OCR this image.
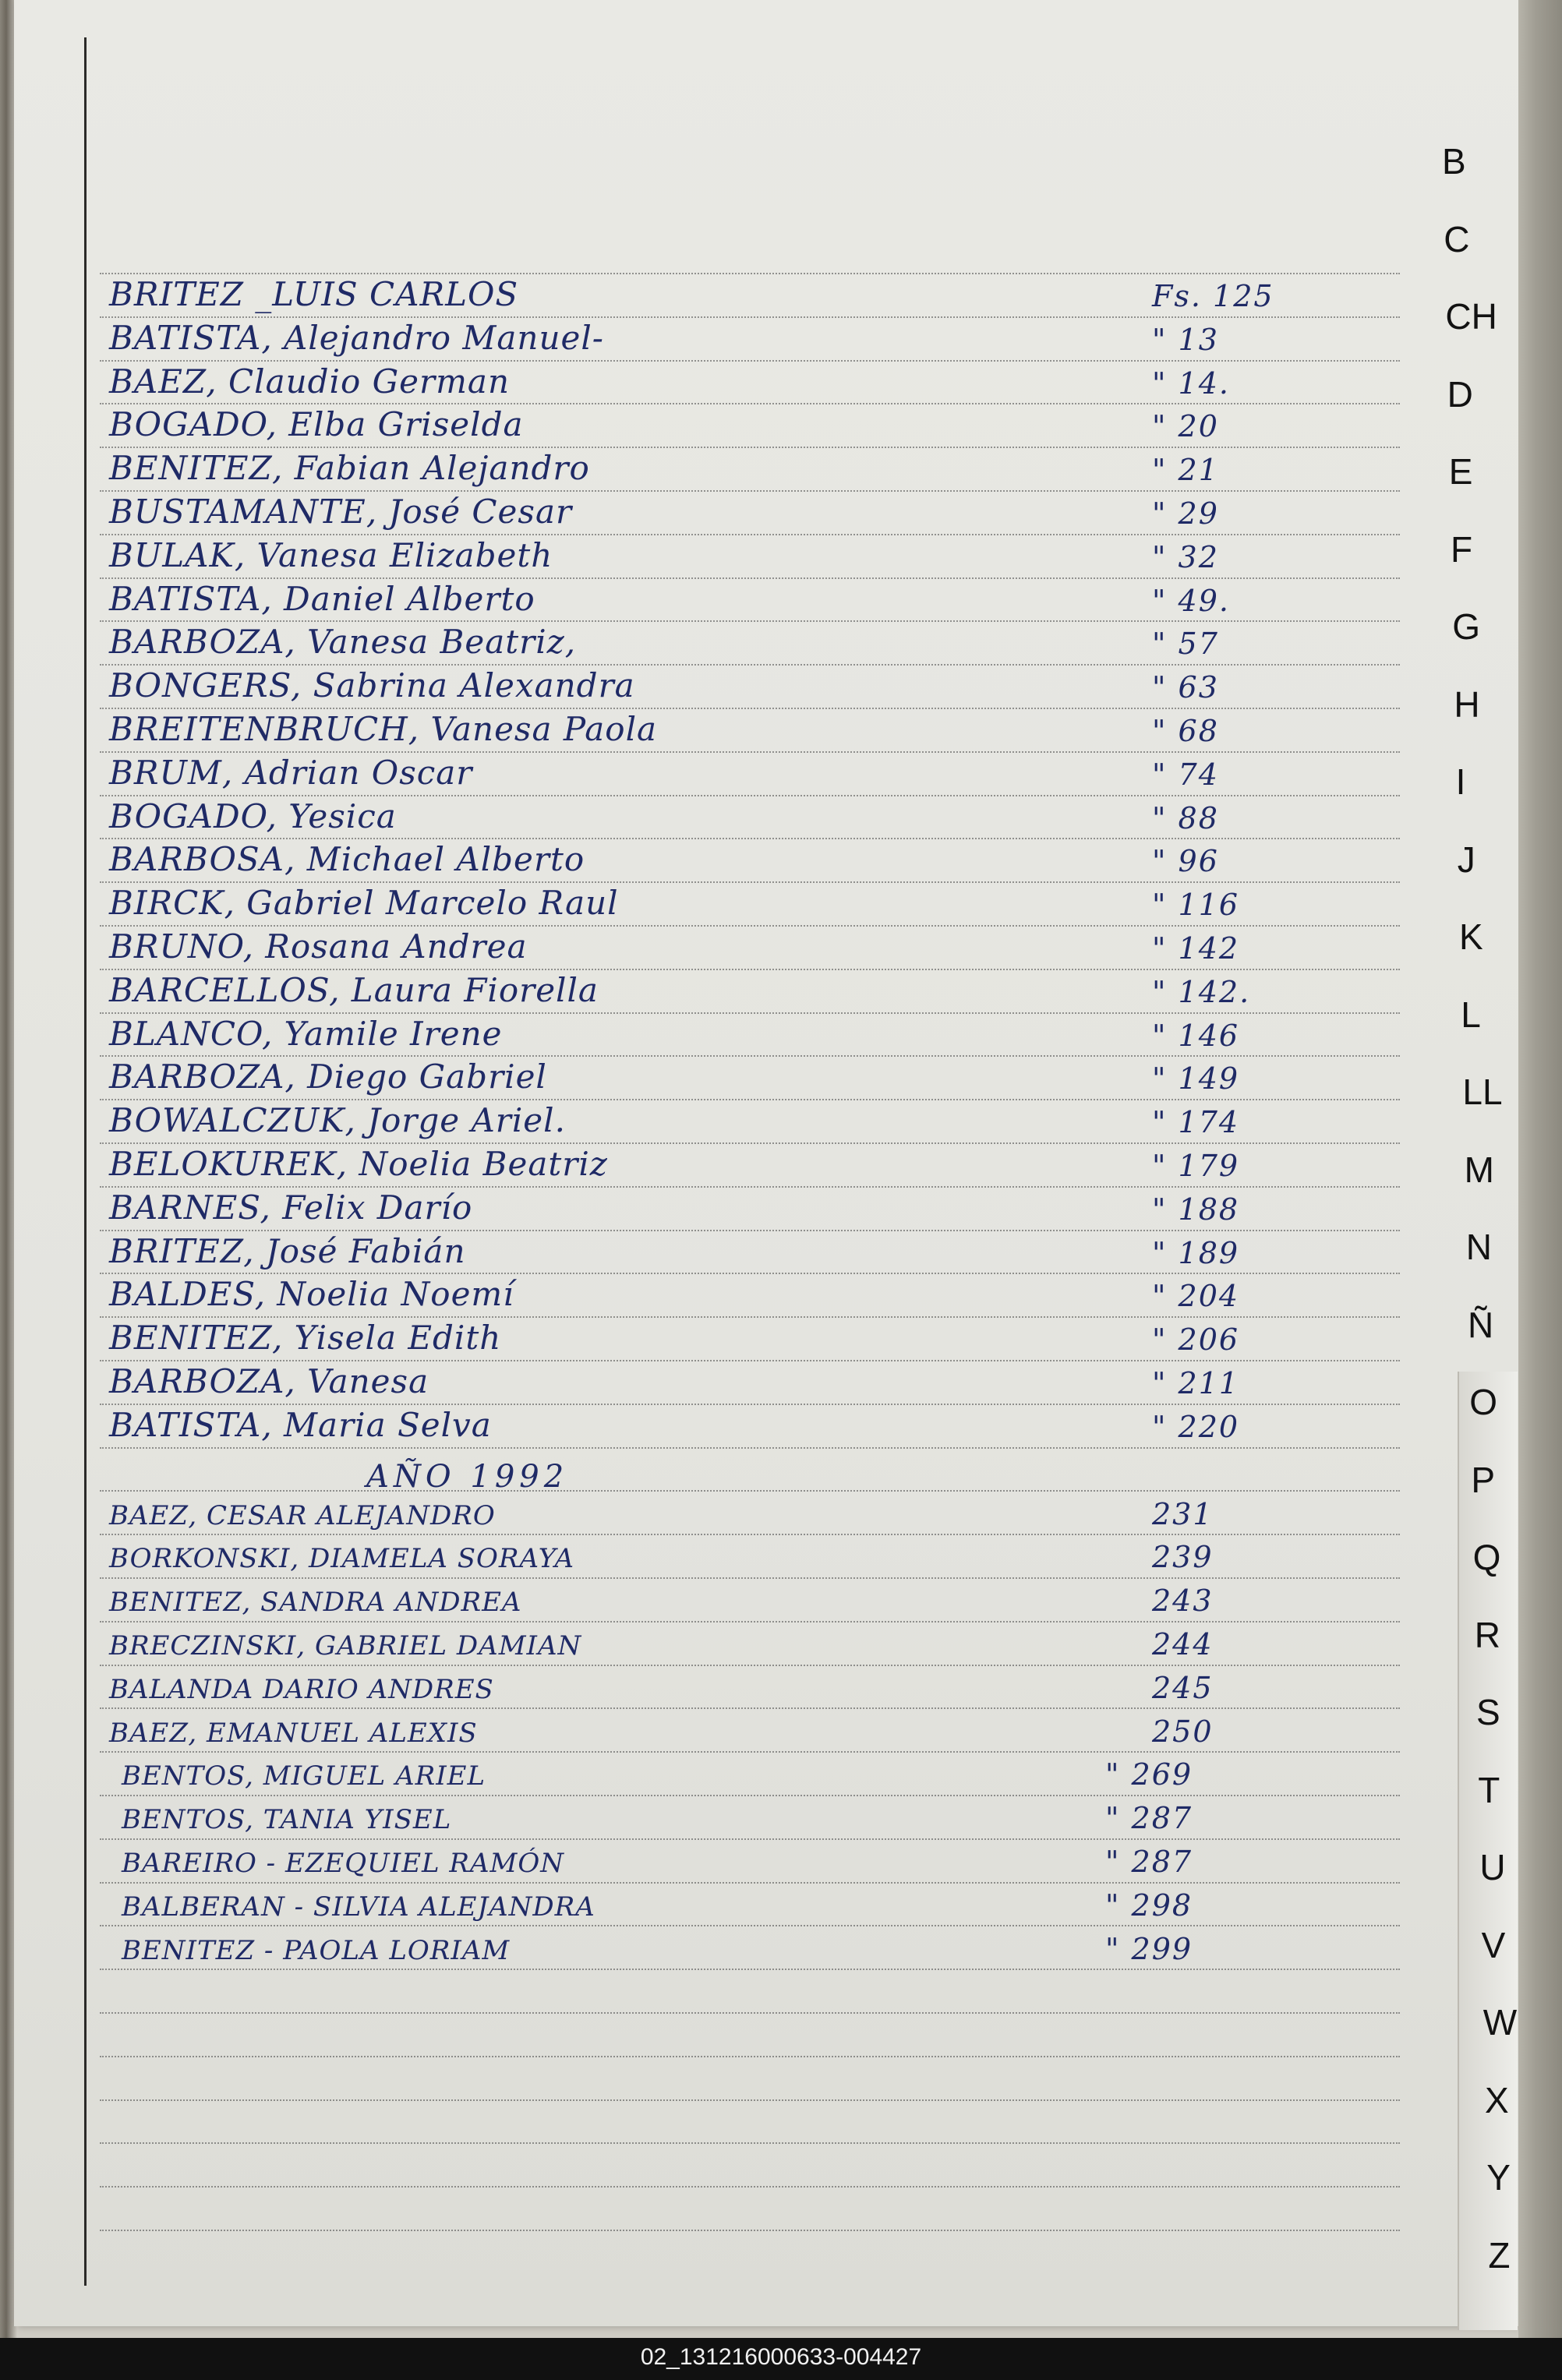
BRITEZ _LUIS CARLOS	Fs. 125
BATISTA, Alejandro Manuel-	" 13
BAEZ, Claudio German	" 14.
BOGADO, Elba Griselda	" 20
BENITEZ, Fabian Alejandro	" 21
BUSTAMANTE, José Cesar	" 29
BULAK, Vanesa Elizabeth	" 32
BATISTA, Daniel Alberto	" 49.
BARBOZA, Vanesa Beatriz,	" 57
BONGERS, Sabrina Alexandra	" 63
BREITENBRUCH, Vanesa Paola	" 68
BRUM, Adrian Oscar	" 74
BOGADO, Yesica	" 88
BARBOSA, Michael Alberto	" 96
BIRCK, Gabriel Marcelo Raul	" 116
BRUNO, Rosana Andrea	" 142
BARCELLOS, Laura Fiorella	" 142.
BLANCO, Yamile Irene	" 146
BARBOZA, Diego Gabriel	" 149
BOWALCZUK, Jorge Ariel.	" 174
BELOKUREK, Noelia Beatriz	" 179
BARNES, Felix Darío	" 188
BRITEZ, José Fabián	" 189
BALDES, Noelia Noemí	" 204
BENITEZ, Yisela Edith	" 206
BARBOZA, Vanesa	" 211
BATISTA, Maria Selva	" 220
BAEZ, CESAR ALEJANDRO	231
BORKONSKI, DIAMELA SORAYA	239
BENITEZ, SANDRA ANDREA	243
BRECZINSKI, GABRIEL DAMIAN	244
BALANDA DARIO ANDRES	245
BAEZ, EMANUEL ALEXIS	250
BENTOS, MIGUEL ARIEL	" 269
BENTOS, TANIA YISEL	" 287
BAREIRO - EZEQUIEL RAMÓN	" 287
BALBERAN - SILVIA ALEJANDRA	" 298
BENITEZ - PAOLA LORIAM	" 299
AÑO 1992
B
C
CH
D
E
F
G
H
I
J
K
L
LL
M
N
Ñ
O
P
Q
R
S
T
U
V
W
X
Y
Z
02_131216000633-004427
